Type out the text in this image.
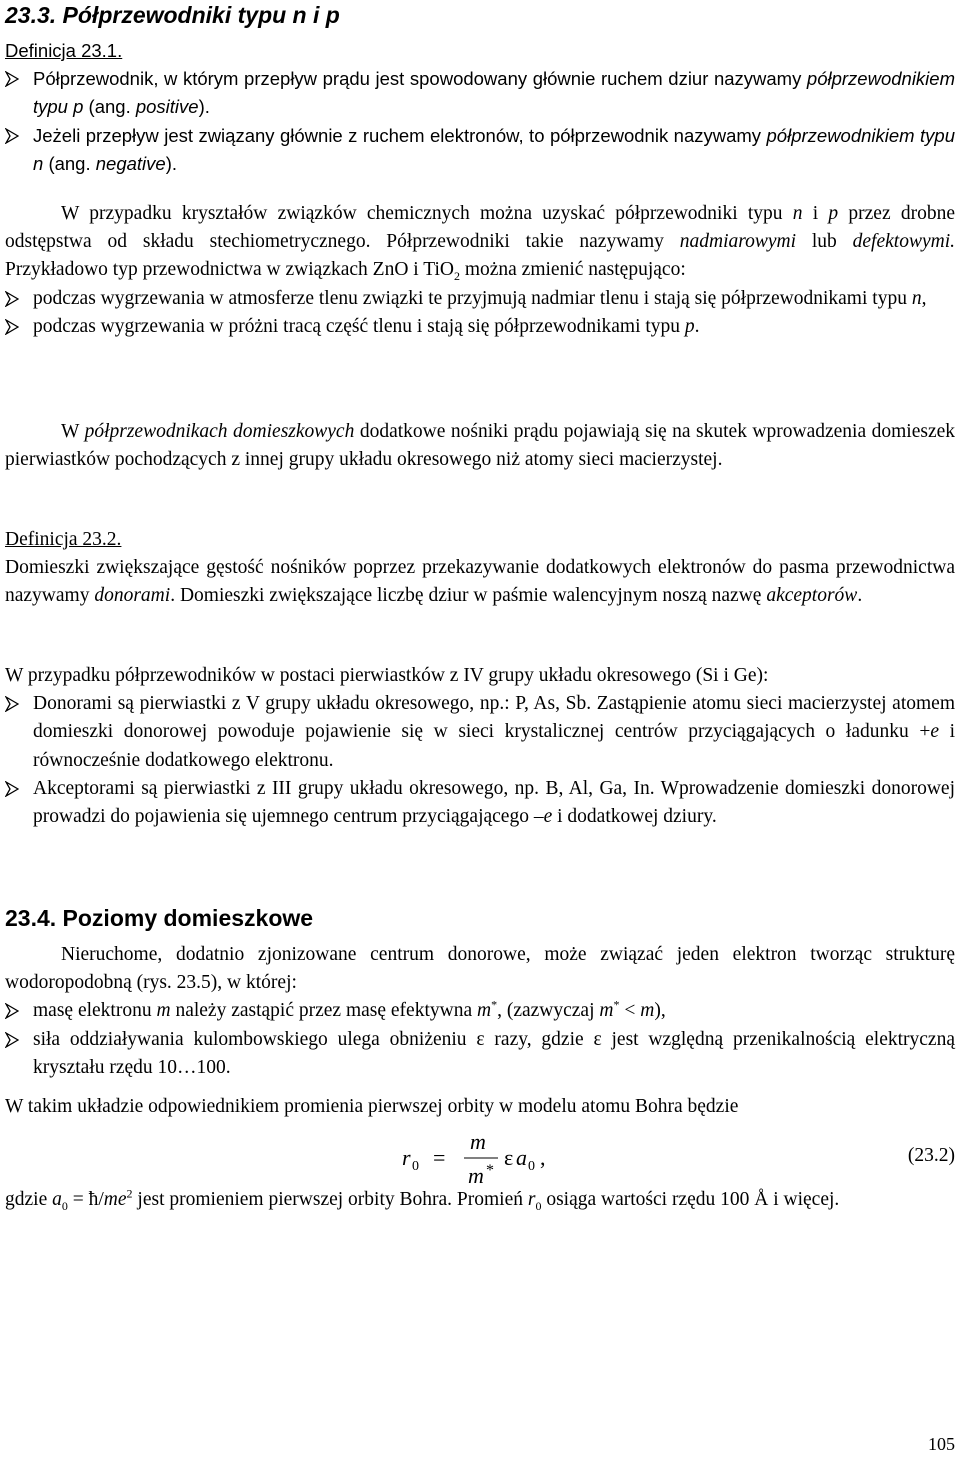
23.3. Półprzewodniki typu n i p

Definicja 23.1.

Półprzewodnik, w którym przepływ prądu jest spowodowany głównie ruchem dziur nazywamy półprzewodnikiem typu p (ang. positive).
Jeżeli przepływ jest związany głównie z ruchem elektronów, to półprzewodnik nazywamy półprzewodnikiem typu n (ang. negative).

W przypadku kryształów związków chemicznych można uzyskać półprzewodniki typu n i p przez drobne odstępstwa od składu stechiometrycznego. Półprzewodniki takie nazywamy nadmiarowymi lub defektowymi. Przykładowo typ przewodnictwa w związkach ZnO i TiO$_2$ można zmienić następująco:

podczas wygrzewania w atmosferze tlenu związki te przyjmują nadmiar tlenu i stają się półprzewodnikami typu n,
podczas wygrzewania w próżni tracą część tlenu i stają się półprzewodnikami typu p.

W półprzewodnikach domieszkowych dodatkowe nośniki prądu pojawiają się na skutek wprowadzenia domieszek pierwiastków pochodzących z innej grupy układu okresowego niż atomy sieci macierzystej.

Definicja 23.2.

Domieszki zwiększające gęstość nośników poprzez przekazywanie dodatkowych elektronów do pasma przewodnictwa nazywamy donorami. Domieszki zwiększające liczbę dziur w paśmie walencyjnym noszą nazwę akceptorów.

W przypadku półprzewodników w postaci pierwiastków z IV grupy układu okresowego (Si i Ge):

Donorami są pierwiastki z V grupy układu okresowego, np.: P, As, Sb. Zastąpienie atomu sieci macierzystej atomem domieszki donorowej powoduje pojawienie się w sieci krystalicznej centrów przyciągających o ładunku +e i równocześnie dodatkowego elektronu.
Akceptorami są pierwiastki z III grupy układu okresowego, np. B, Al, Ga, In. Wprowadzenie domieszki donorowej prowadzi do pojawienia się ujemnego centrum przyciągającego –e i dodatkowej dziury.
23.4. Poziomy domieszkowe

Nieruchome, dodatnio zjonizowane centrum donorowe, może związać jeden elektron tworząc strukturę wodoropodobną (rys. 23.5), w której:

masę elektronu m należy zastąpić przez masę efektywna m*, (zazwyczaj m* < m),
siła oddziaływania kulombowskiego ulega obniżeniu ε razy, gdzie ε jest względną przenikalnością elektryczną kryształu rzędu 10…100.

W takim układzie odpowiednikiem promienia pierwszej orbity w modelu atomu Bohra będzie

r 0 =
m
m *
ε a 0 ,	(23.2)

gdzie $a_0$ = $ħ/me^2$ jest promieniem pierwszej orbity Bohra. Promień $r_0$ osiąga wartości rzędu 100 Å i więcej.

105
